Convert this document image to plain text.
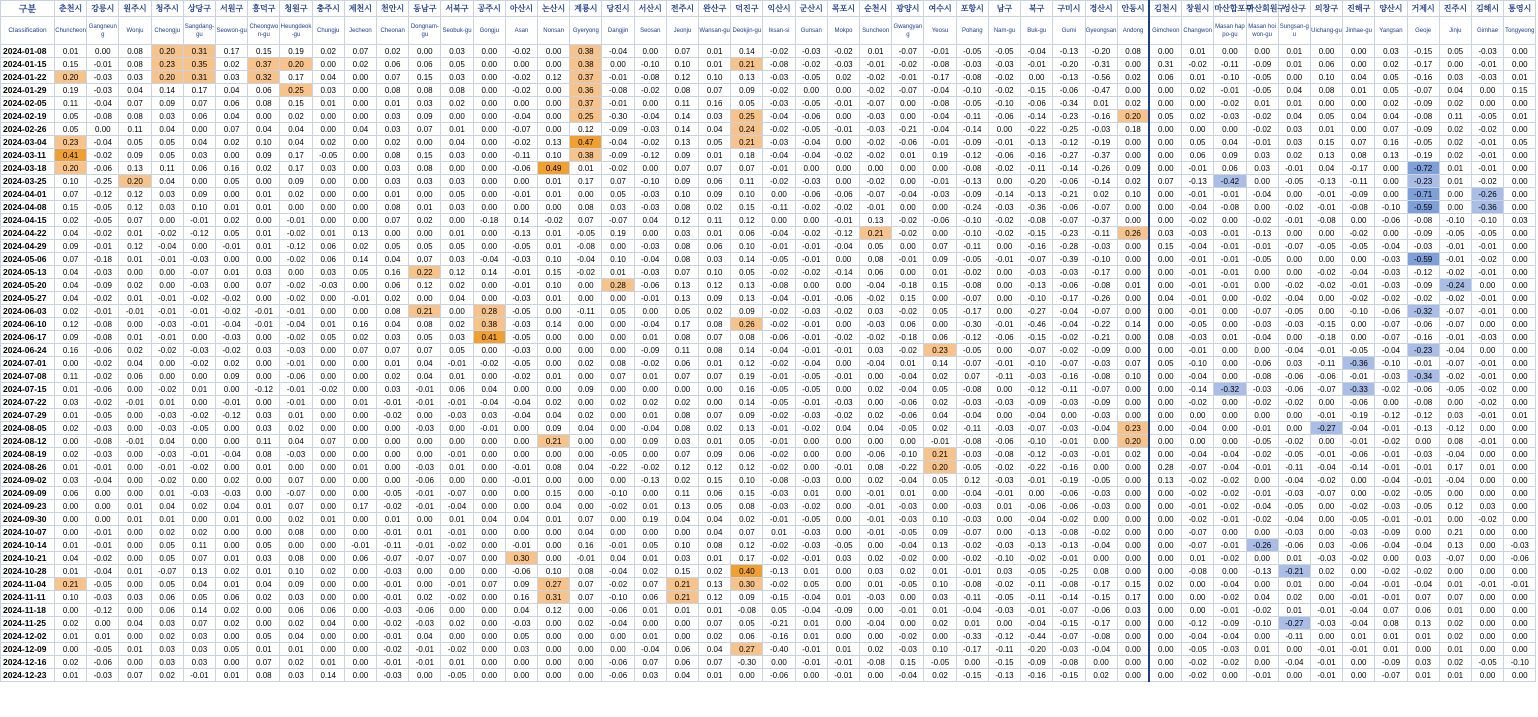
구분	춘천시	강릉시	원주시	청주시	상당구	서원구	흥덕구	청원구	충주시	제천시	천안시	동남구	서북구	공주시	아산시	논산시	계룡시	당진시	서산시	전주시	완산구	덕진구	익산시	군산시	목포시	순천시	광양시	여수시	포항시	남구	북구	구미시	경산시	안동시	김천시	창원시	마산합포구	마산회원구	성산구	의창구	진해구	양산시	거제시	진주시	김해시	통영시
Classification	Chuncheon	Gangneung	Wonju	Cheongju	Sangdang-gu	Seowon-gu	Cheongwon-gu	Heungdeok-gu	Chungju	Jecheon	Cheonan	Dongnam-gu	Seobuk-gu	Gongju	Asan	Nonsan	Gyeryong	Dangjin	Seosan	Jeonju	Wansan-gu	Deokjin-gu	Iksan-si	Gunsan	Mokpo	Suncheon	Gwangyang	Yeosu	Pohang	Nam-gu	Buk-gu	Gumi	Gyeongsan	Andong	Gimcheon	Changwon	Masan happo-gu	Masan hoiwon-gu	Sungsan-gu	Uichang-gu	Jinhae-gu	Yangsan	Geoje	Jinju	Gimhae	Tongyeong
2024-01-08	0.01	0.00	0.08	0.20	0.31	0.17	0.15	0.19	0.02	0.07	0.02	0.00	0.03	0.00	-0.02	0.00	0.38	-0.04	0.00	0.07	0.01	0.14	-0.02	-0.03	-0.02	0.01	-0.07	-0.01	-0.05	-0.05	-0.04	-0.13	-0.20	0.08	0.00	0.01	0.00	0.00	0.01	0.00	0.00	0.03	-0.15	0.05	-0.03	0.00
2024-01-15	0.15	-0.01	0.08	0.23	0.35	0.02	0.37	0.20	0.00	0.02	0.06	0.06	0.05	0.00	0.00	0.00	0.38	0.00	-0.10	0.10	0.01	0.21	-0.08	-0.02	-0.03	-0.01	-0.02	-0.08	-0.03	-0.03	-0.01	-0.20	-0.31	0.00	0.31	-0.02	-0.11	-0.09	0.01	0.06	0.00	0.02	-0.17	0.00	-0.01	0.00
2024-01-22	0.20	-0.03	0.03	0.20	0.31	0.03	0.32	0.17	0.04	0.00	0.07	0.15	0.03	0.00	-0.02	0.12	0.37	-0.01	-0.08	0.12	0.10	0.13	-0.03	-0.05	0.02	-0.02	-0.01	-0.17	-0.08	-0.02	0.00	-0.13	-0.56	0.02	0.06	0.01	-0.10	-0.05	0.00	0.10	0.04	0.05	-0.16	0.03	-0.03	0.01
2024-01-29	0.19	-0.03	0.04	0.14	0.17	0.04	0.06	0.25	0.03	0.00	0.08	0.08	0.08	0.00	-0.02	0.00	0.36	-0.08	-0.02	0.08	0.07	0.09	-0.02	0.00	0.00	-0.02	-0.07	-0.04	-0.10	-0.02	-0.15	-0.06	-0.47	0.00	0.00	0.02	-0.01	-0.05	0.04	0.08	0.01	0.05	-0.07	0.04	0.00	0.15
2024-02-05	0.11	-0.04	0.07	0.09	0.07	0.06	0.08	0.15	0.01	0.00	0.01	0.03	0.02	0.00	0.00	0.00	0.37	-0.01	0.00	0.11	0.16	0.05	-0.03	-0.05	-0.01	-0.07	0.00	-0.08	-0.05	-0.10	-0.06	-0.34	0.01	0.02	0.00	0.00	-0.02	0.01	0.01	0.00	0.00	0.02	-0.09	0.02	0.00	0.00
2024-02-19	0.05	-0.08	0.08	0.03	0.06	0.04	0.00	0.02	0.00	0.00	0.03	0.09	0.00	0.00	-0.04	0.00	0.25	-0.30	-0.04	0.14	0.03	0.25	-0.04	-0.06	0.00	-0.03	0.00	-0.04	-0.11	-0.06	-0.14	-0.23	-0.16	0.20	0.05	0.02	-0.03	-0.02	0.04	0.05	0.04	0.04	-0.08	0.11	-0.05	0.01
2024-02-26	0.05	0.00	0.11	0.04	0.00	0.07	0.04	0.04	0.00	0.04	0.03	0.07	0.01	0.00	-0.07	0.00	0.12	-0.09	-0.03	0.14	0.04	0.24	-0.02	-0.05	-0.01	-0.03	-0.21	-0.04	-0.14	0.00	-0.22	-0.25	-0.03	0.18	0.00	0.00	0.00	-0.02	0.03	0.01	0.00	0.07	-0.09	0.02	-0.02	0.00
2024-03-04	0.23	-0.04	0.05	0.05	0.04	0.02	0.10	0.04	0.02	0.00	0.02	0.00	0.04	0.00	-0.02	0.13	0.47	-0.04	-0.02	0.13	0.05	0.21	-0.03	-0.04	0.00	-0.02	-0.06	-0.01	-0.09	-0.01	-0.13	-0.12	-0.19	0.00	0.00	0.05	0.04	-0.01	0.03	0.15	0.07	0.16	-0.05	0.02	-0.01	0.05
2024-03-11	0.41	-0.02	0.09	0.05	0.03	0.00	0.09	0.17	-0.05	0.00	0.08	0.15	0.03	0.00	-0.11	0.10	0.38	-0.09	-0.12	0.09	0.01	0.18	-0.04	-0.04	-0.02	-0.02	0.01	0.19	-0.12	-0.06	-0.16	-0.27	-0.37	0.00	0.00	0.06	0.09	0.03	0.02	0.13	0.08	0.13	-0.19	0.02	-0.01	0.00
2024-03-18	0.20	-0.06	0.13	0.11	0.06	0.16	0.02	0.17	0.03	0.00	0.03	0.08	0.00	0.00	-0.06	0.49	0.01	-0.02	0.00	0.07	0.07	0.07	-0.01	0.00	0.00	0.00	0.00	0.00	-0.08	-0.02	-0.11	-0.14	-0.26	0.09	0.00	-0.01	0.06	0.03	-0.01	0.04	-0.17	0.00	-0.72	0.01	-0.01	0.00
2024-03-25	0.10	-0.25	0.20	0.04	0.00	0.05	0.00	0.09	0.00	0.00	0.03	0.03	0.03	0.00	0.00	0.01	0.17	0.07	-0.10	0.09	0.06	0.11	-0.02	-0.03	0.00	-0.02	0.00	-0.01	-0.13	0.00	-0.20	-0.06	-0.14	0.02	0.07	-0.13	-0.42	0.00	-0.05	-0.13	-0.11	0.00	-0.23	0.01	-0.02	0.00
2024-04-01	0.07	-0.12	0.12	0.03	0.09	0.00	0.01	0.02	0.00	0.00	0.01	0.00	0.05	0.00	-0.01	0.01	0.00	0.05	-0.03	0.10	0.09	0.10	0.00	-0.06	-0.06	-0.07	-0.04	-0.03	-0.09	-0.14	-0.13	-0.21	0.02	0.10	0.00	-0.01	-0.01	-0.04	0.00	-0.01	-0.09	0.00	-0.71	0.00	-0.26	0.00
2024-04-08	0.15	-0.05	0.12	0.03	0.10	0.01	0.01	0.00	0.00	0.00	0.08	0.01	0.03	0.00	0.00	0.00	0.08	0.03	-0.03	0.08	0.02	0.15	-0.11	-0.02	-0.02	-0.01	0.00	0.00	-0.24	-0.03	-0.36	-0.06	-0.07	0.00	0.00	-0.04	-0.08	0.00	-0.02	-0.01	-0.08	-0.10	-0.59	0.00	-0.36	0.00
2024-04-15	0.02	-0.05	0.07	0.00	-0.01	0.02	0.00	-0.01	0.00	0.00	0.07	0.02	0.00	-0.18	0.14	-0.02	0.07	-0.07	0.04	0.12	0.11	0.12	0.00	0.00	-0.01	0.13	-0.02	-0.06	-0.10	-0.02	-0.08	-0.07	-0.37	0.00	0.00	-0.02	0.00	-0.02	-0.01	-0.08	0.00	-0.06	-0.08	-0.10	-0.10	0.03
2024-04-22	0.04	-0.02	0.01	-0.02	-0.12	0.05	0.01	-0.02	0.01	0.13	0.00	0.00	0.01	0.00	-0.13	0.01	-0.05	0.19	0.00	0.03	0.01	0.06	-0.04	-0.02	-0.12	0.21	-0.02	0.00	-0.10	-0.02	-0.15	-0.23	-0.11	0.26	0.03	-0.03	-0.01	-0.13	0.00	0.00	-0.02	0.00	-0.09	-0.05	-0.05	0.00
2024-04-29	0.09	-0.01	0.12	-0.04	0.00	-0.01	0.01	-0.12	0.06	0.02	0.05	0.05	0.05	0.00	-0.05	0.01	-0.08	0.00	-0.03	0.08	0.06	0.10	-0.01	-0.01	-0.04	0.05	0.00	0.07	-0.11	0.00	-0.16	-0.28	-0.03	0.00	0.15	-0.04	-0.01	-0.01	-0.07	-0.05	-0.05	-0.04	-0.03	-0.01	-0.01	0.00
2024-05-06	0.07	-0.18	0.01	-0.01	-0.03	0.00	0.00	-0.02	0.06	0.14	0.04	0.07	0.03	-0.04	-0.03	0.10	-0.04	0.10	-0.04	0.08	0.03	0.14	-0.05	-0.01	0.00	0.08	-0.01	0.09	-0.05	-0.01	-0.07	-0.39	-0.10	0.00	0.00	-0.01	-0.01	-0.05	0.00	0.00	0.00	-0.03	-0.59	-0.01	-0.02	0.00
2024-05-13	0.04	-0.03	0.00	0.00	-0.07	0.01	0.03	0.00	0.03	0.05	0.16	0.22	0.12	0.14	-0.01	0.15	-0.02	0.01	-0.03	0.07	0.10	0.05	-0.02	-0.02	-0.14	0.06	0.00	0.01	-0.02	0.00	-0.03	-0.03	-0.17	0.00	0.00	-0.01	-0.01	0.00	0.00	-0.02	-0.04	-0.03	-0.12	-0.02	-0.01	0.00
2024-05-20	0.04	-0.09	0.02	0.00	-0.03	0.00	0.07	-0.02	-0.03	0.00	0.06	0.12	0.02	0.00	-0.01	0.10	0.00	0.28	-0.06	0.13	0.12	0.13	-0.08	0.00	0.00	-0.04	-0.18	0.15	-0.08	0.00	-0.13	-0.06	-0.08	0.01	0.00	-0.01	-0.01	0.00	-0.02	-0.02	-0.01	-0.03	-0.09	-0.24	0.00	0.00
2024-05-27	0.04	-0.02	0.01	-0.01	-0.02	-0.02	0.00	-0.02	0.00	-0.01	0.02	0.00	0.04	0.00	-0.03	0.01	0.00	0.00	-0.01	0.13	0.09	0.13	-0.04	-0.01	-0.06	-0.02	0.15	0.00	-0.07	0.00	-0.10	-0.17	-0.26	0.00	0.04	-0.01	0.00	-0.02	-0.04	0.00	-0.02	-0.02	-0.02	-0.02	-0.01	0.00
2024-06-03	0.02	-0.01	-0.01	-0.01	-0.01	-0.02	-0.01	-0.01	0.00	0.00	0.08	0.21	0.00	0.28	-0.05	0.00	-0.11	0.05	0.00	0.05	0.02	0.09	-0.02	-0.03	-0.02	0.03	-0.02	0.05	-0.17	0.00	-0.27	-0.04	-0.07	0.00	0.00	-0.01	0.00	-0.07	-0.05	0.00	-0.10	-0.06	-0.32	-0.07	-0.01	0.00
2024-06-10	0.12	-0.08	0.00	-0.03	-0.01	-0.04	-0.01	-0.04	0.01	0.16	0.04	0.08	0.02	0.38	-0.03	0.14	0.00	0.00	-0.04	0.17	0.08	0.26	-0.02	-0.01	0.00	-0.03	0.06	0.00	-0.30	-0.01	-0.46	-0.04	-0.22	0.14	0.00	-0.05	0.00	-0.03	-0.03	-0.15	0.00	-0.07	-0.06	-0.07	0.00	0.00
2024-06-17	0.09	-0.08	0.01	-0.01	0.00	-0.03	0.00	-0.02	0.05	0.02	0.03	0.05	0.03	0.41	-0.05	0.00	0.00	0.00	0.01	0.08	0.07	0.08	-0.06	-0.01	-0.02	-0.02	-0.18	0.06	-0.12	-0.06	-0.15	-0.02	-0.21	0.00	0.08	-0.03	0.01	-0.04	0.00	-0.18	0.00	-0.07	-0.16	-0.01	-0.03	0.00
2024-06-24	0.16	-0.06	0.02	-0.02	-0.03	-0.02	0.03	-0.03	0.00	0.07	0.07	0.07	0.05	0.00	-0.03	0.00	0.00	0.00	-0.09	0.11	0.08	0.14	-0.04	-0.01	-0.01	0.03	-0.02	0.23	-0.05	0.00	-0.07	-0.02	-0.09	0.00	0.00	-0.01	0.00	0.00	-0.04	-0.01	-0.05	-0.04	-0.23	-0.04	0.00	0.00
2024-07-01	0.00	-0.02	0.04	0.00	-0.02	0.02	0.00	-0.01	0.00	0.00	0.01	0.04	-0.01	-0.02	-0.05	0.00	0.02	0.08	-0.02	0.06	0.01	0.12	-0.02	-0.04	0.00	-0.04	0.01	0.14	-0.07	-0.01	-0.10	-0.07	-0.03	0.07	0.05	-0.10	0.00	-0.06	0.03	-0.11	-0.36	-0.10	-0.01	-0.07	-0.01	0.00
2024-07-08	0.11	-0.02	0.06	0.00	0.00	0.09	0.00	-0.06	0.00	0.00	0.02	0.04	0.01	0.00	-0.02	0.01	0.00	0.07	0.01	0.07	0.07	0.19	-0.01	-0.05	-0.01	0.00	-0.04	0.02	0.07	-0.11	-0.03	-0.16	-0.08	0.10	0.00	-0.04	0.00	-0.08	-0.06	-0.06	-0.01	-0.03	-0.34	-0.02	-0.01	0.00
2024-07-15	0.01	-0.06	0.00	-0.02	0.01	0.00	-0.12	-0.01	-0.02	0.00	0.03	-0.01	0.06	0.04	0.00	0.00	0.09	0.00	0.00	0.00	0.00	0.16	-0.05	-0.05	0.00	0.02	-0.04	0.05	-0.08	0.00	-0.12	-0.11	-0.07	0.00	0.00	-0.14	-0.32	-0.03	-0.06	-0.07	-0.33	-0.02	-0.06	-0.05	-0.02	0.00
2024-07-22	0.03	-0.02	-0.01	0.01	0.00	-0.01	0.00	-0.01	0.00	0.01	-0.01	-0.01	-0.01	-0.04	-0.04	0.02	0.00	0.02	0.02	0.02	0.00	0.14	-0.05	-0.01	-0.03	0.00	-0.06	0.02	-0.03	-0.03	-0.09	-0.03	-0.09	0.00	0.00	-0.02	0.00	-0.02	-0.02	0.00	-0.06	0.00	-0.08	0.00	-0.02	0.00
2024-07-29	0.01	-0.05	0.00	-0.03	-0.02	-0.12	0.03	0.01	0.00	0.00	-0.02	0.00	-0.03	0.03	-0.04	0.04	0.02	0.00	0.01	0.08	0.07	0.09	-0.02	-0.03	-0.02	0.02	-0.06	0.04	-0.04	0.00	-0.04	0.00	-0.03	0.00	0.00	0.00	0.00	0.00	0.00	-0.01	-0.19	-0.12	-0.12	0.03	-0.01	0.01
2024-08-05	0.02	-0.03	0.00	-0.03	-0.05	0.00	0.03	0.02	0.00	0.00	0.00	-0.03	0.00	-0.01	0.00	0.09	0.04	0.00	-0.04	0.08	0.02	0.13	-0.01	-0.02	0.04	0.04	-0.05	0.02	-0.11	-0.03	-0.07	-0.03	-0.04	0.23	0.00	-0.04	0.00	-0.01	0.00	-0.27	-0.04	-0.01	-0.13	-0.12	0.00	0.00
2024-08-12	0.00	-0.08	-0.01	0.04	0.00	0.00	0.11	0.04	0.07	0.00	0.00	0.00	0.00	0.00	0.00	0.21	0.00	0.00	0.09	0.03	0.01	0.05	-0.01	0.00	0.00	0.00	0.00	-0.01	-0.08	-0.06	-0.10	-0.01	0.00	0.20	0.00	0.00	0.00	-0.05	-0.02	0.00	-0.01	-0.02	0.00	0.08	-0.01	0.00
2024-08-19	0.02	-0.03	0.00	-0.03	-0.01	-0.04	0.08	-0.03	0.00	0.00	0.00	0.00	-0.01	0.00	0.00	0.00	0.00	-0.05	0.00	0.07	0.09	0.06	-0.02	0.00	0.00	-0.06	-0.10	0.21	-0.03	-0.08	-0.12	-0.03	-0.01	0.02	0.00	-0.04	-0.04	-0.02	-0.05	-0.01	-0.06	-0.01	-0.03	-0.04	0.00	0.00
2024-08-26	0.01	-0.01	0.00	-0.01	-0.02	0.00	0.01	0.00	0.00	0.01	0.00	-0.03	0.01	0.00	-0.01	0.08	0.04	-0.22	-0.02	0.12	0.12	0.12	-0.02	0.00	-0.01	0.08	-0.22	0.20	-0.05	-0.02	-0.22	-0.16	0.00	0.00	0.28	-0.07	-0.04	-0.01	-0.11	-0.04	-0.14	-0.01	-0.01	0.17	0.01	0.00
2024-09-02	0.03	-0.04	0.00	-0.02	0.00	0.02	0.00	0.07	0.00	0.00	0.00	-0.06	0.00	0.00	-0.01	0.00	0.00	0.00	-0.13	0.02	0.15	0.10	-0.08	-0.03	0.00	0.02	-0.04	0.05	0.12	-0.03	-0.01	-0.19	-0.05	0.00	0.13	-0.02	-0.02	0.00	-0.04	-0.02	0.00	-0.04	-0.01	-0.04	0.00	0.00
2024-09-09	0.06	0.00	0.00	0.01	-0.03	-0.03	0.00	-0.07	0.00	0.00	-0.05	-0.01	-0.07	0.00	0.00	0.15	0.00	-0.10	0.00	0.11	0.06	0.15	-0.03	0.01	0.00	-0.01	0.01	0.00	-0.04	-0.01	0.00	-0.06	-0.03	0.00	0.00	-0.02	-0.02	-0.01	-0.03	-0.07	0.00	-0.02	-0.05	0.00	0.00	0.00
2024-09-23	0.00	0.00	0.01	0.04	0.02	0.04	0.01	0.07	0.00	0.17	-0.02	-0.01	-0.04	0.00	0.00	0.04	0.00	-0.02	0.01	0.13	0.05	0.08	-0.03	-0.02	0.00	-0.01	-0.03	0.00	-0.03	0.01	-0.06	-0.06	-0.03	0.00	0.00	-0.01	-0.02	-0.04	-0.05	0.00	-0.02	-0.03	-0.05	0.12	0.03	0.00
2024-09-30	0.00	0.00	0.01	0.01	0.00	0.01	0.00	0.02	0.01	0.00	0.01	0.00	0.01	0.04	0.04	0.01	0.07	0.00	0.19	0.04	0.04	0.02	-0.01	-0.05	0.00	-0.01	-0.03	0.10	-0.03	0.00	-0.04	-0.02	0.00	0.00	0.00	-0.02	-0.01	-0.02	-0.04	0.00	-0.05	-0.01	-0.01	0.00	-0.02	0.00
2024-10-07	0.00	-0.01	0.00	0.02	0.02	0.00	0.00	0.08	0.00	0.00	-0.01	0.01	-0.01	0.00	0.00	0.00	0.04	0.00	0.00	0.00	0.04	0.07	0.01	-0.03	0.00	-0.01	-0.05	0.09	-0.07	0.00	-0.13	-0.08	-0.02	0.00	0.00	-0.07	0.00	0.00	-0.03	0.00	-0.03	-0.09	0.00	0.21	0.00	0.00
2024-10-14	0.01	-0.01	0.00	0.05	0.11	0.00	0.05	0.00	0.00	-0.01	-0.11	-0.01	-0.02	0.00	-0.01	0.00	0.16	-0.01	0.05	0.10	0.08	0.12	-0.02	-0.03	-0.05	0.00	-0.04	0.13	-0.02	-0.03	-0.13	-0.13	-0.04	0.00	0.00	-0.07	-0.01	-0.26	-0.06	0.03	-0.06	-0.04	-0.04	0.13	0.00	-0.03
2024-10-21	0.04	-0.02	0.00	0.05	0.07	0.01	0.03	0.08	0.00	0.06	-0.07	-0.07	-0.07	0.00	0.30	0.00	-0.01	0.04	0.01	0.03	0.01	0.17	-0.02	-0.01	0.03	0.02	-0.02	0.00	-0.02	-0.10	-0.02	-0.01	0.00	0.00	0.00	0.01	-0.02	0.00	0.01	-0.03	-0.02	0.00	0.03	-0.07	0.00	-0.06
2024-10-28	0.01	-0.04	0.01	-0.07	0.13	0.02	0.01	0.10	0.02	0.00	-0.03	0.00	0.00	0.00	-0.06	0.10	0.08	-0.04	0.02	0.15	0.02	0.40	-0.13	0.01	0.00	0.03	0.02	0.01	-0.01	0.03	-0.05	-0.25	0.08	0.00	0.00	-0.08	0.00	-0.13	-0.21	0.02	0.00	-0.02	-0.02	0.00	0.00	0.00
2024-11-04	0.21	-0.05	0.00	0.05	0.04	0.01	0.04	0.09	0.00	0.00	-0.01	0.00	-0.01	0.07	0.09	0.27	0.07	-0.02	0.07	0.21	0.13	0.30	-0.02	0.05	0.00	0.01	-0.05	0.10	-0.08	-0.02	-0.11	-0.08	-0.17	0.15	0.02	0.00	-0.04	0.00	0.01	0.00	-0.04	-0.01	-0.04	0.01	-0.01	-0.01
2024-11-11	0.10	-0.03	0.03	0.06	0.05	0.06	0.02	0.03	0.00	0.00	-0.01	0.02	-0.02	0.00	0.16	0.31	0.07	-0.10	0.06	0.21	0.12	0.09	-0.15	-0.04	0.01	-0.03	0.00	0.03	-0.11	-0.05	-0.11	-0.14	-0.15	0.17	0.00	0.00	-0.02	0.04	0.02	0.00	-0.01	-0.01	0.07	0.07	0.00	0.00
2024-11-18	0.00	-0.12	0.00	0.06	0.14	0.02	0.00	0.06	0.06	0.00	-0.03	-0.06	0.00	0.00	0.04	0.12	0.00	-0.06	0.01	0.01	0.01	-0.08	0.05	-0.04	-0.09	0.00	-0.01	0.01	-0.04	-0.03	-0.01	-0.07	-0.06	0.03	0.00	0.00	-0.01	-0.02	0.01	-0.01	-0.04	0.07	0.06	0.01	0.00	0.00
2024-11-25	0.02	0.00	0.04	0.03	0.07	0.02	0.00	0.02	0.04	0.00	-0.02	-0.03	0.02	0.00	-0.03	0.00	0.02	-0.04	0.00	0.00	0.07	0.05	-0.21	0.01	0.00	-0.04	0.00	0.02	0.01	0.00	-0.04	-0.15	-0.17	0.00	0.00	-0.12	-0.09	-0.10	-0.27	-0.03	-0.04	0.08	0.13	0.02	0.00	0.00
2024-12-02	0.01	0.01	0.00	0.02	0.03	0.00	0.05	0.04	0.00	0.00	-0.01	0.04	0.00	0.00	0.05	0.00	0.00	0.00	0.01	0.00	0.02	0.06	-0.16	0.01	0.00	0.00	-0.02	0.00	-0.33	-0.12	-0.44	-0.07	-0.08	0.00	0.00	-0.04	-0.04	0.00	-0.11	0.00	0.01	0.01	0.01	0.02	0.00	0.00
2024-12-09	0.00	-0.05	0.01	0.03	0.03	0.05	0.01	0.01	0.00	0.00	-0.02	-0.01	-0.02	0.00	0.03	0.00	0.00	0.00	-0.04	0.06	0.04	0.27	-0.40	-0.01	0.01	0.02	-0.03	0.10	-0.17	-0.11	-0.20	-0.03	-0.04	0.00	0.00	-0.05	-0.03	0.01	0.00	-0.01	-0.01	0.01	0.00	0.01	0.00	0.00
2024-12-16	0.02	-0.06	0.00	0.03	0.03	0.00	0.07	0.02	0.01	0.00	-0.01	-0.01	0.01	0.00	0.00	0.00	0.00	-0.06	0.07	0.06	0.07	-0.30	0.00	-0.01	-0.01	-0.08	0.15	-0.05	0.00	-0.15	-0.09	-0.08	0.00	0.00	0.00	-0.02	-0.02	0.00	-0.04	-0.01	0.00	-0.09	0.03	0.02	-0.05	-0.10
2024-12-23	0.01	-0.03	0.07	0.02	-0.01	0.01	0.08	0.03	0.14	0.00	-0.03	0.00	-0.05	0.00	0.00	0.00	0.00	-0.06	0.03	0.04	0.01	0.00	-0.06	0.00	-0.01	0.00	-0.04	0.02	-0.15	-0.13	-0.16	-0.15	0.02	0.00	0.00	-0.02	0.00	-0.01	0.00	-0.01	0.00	-0.07	0.01	0.01	0.00	0.00
